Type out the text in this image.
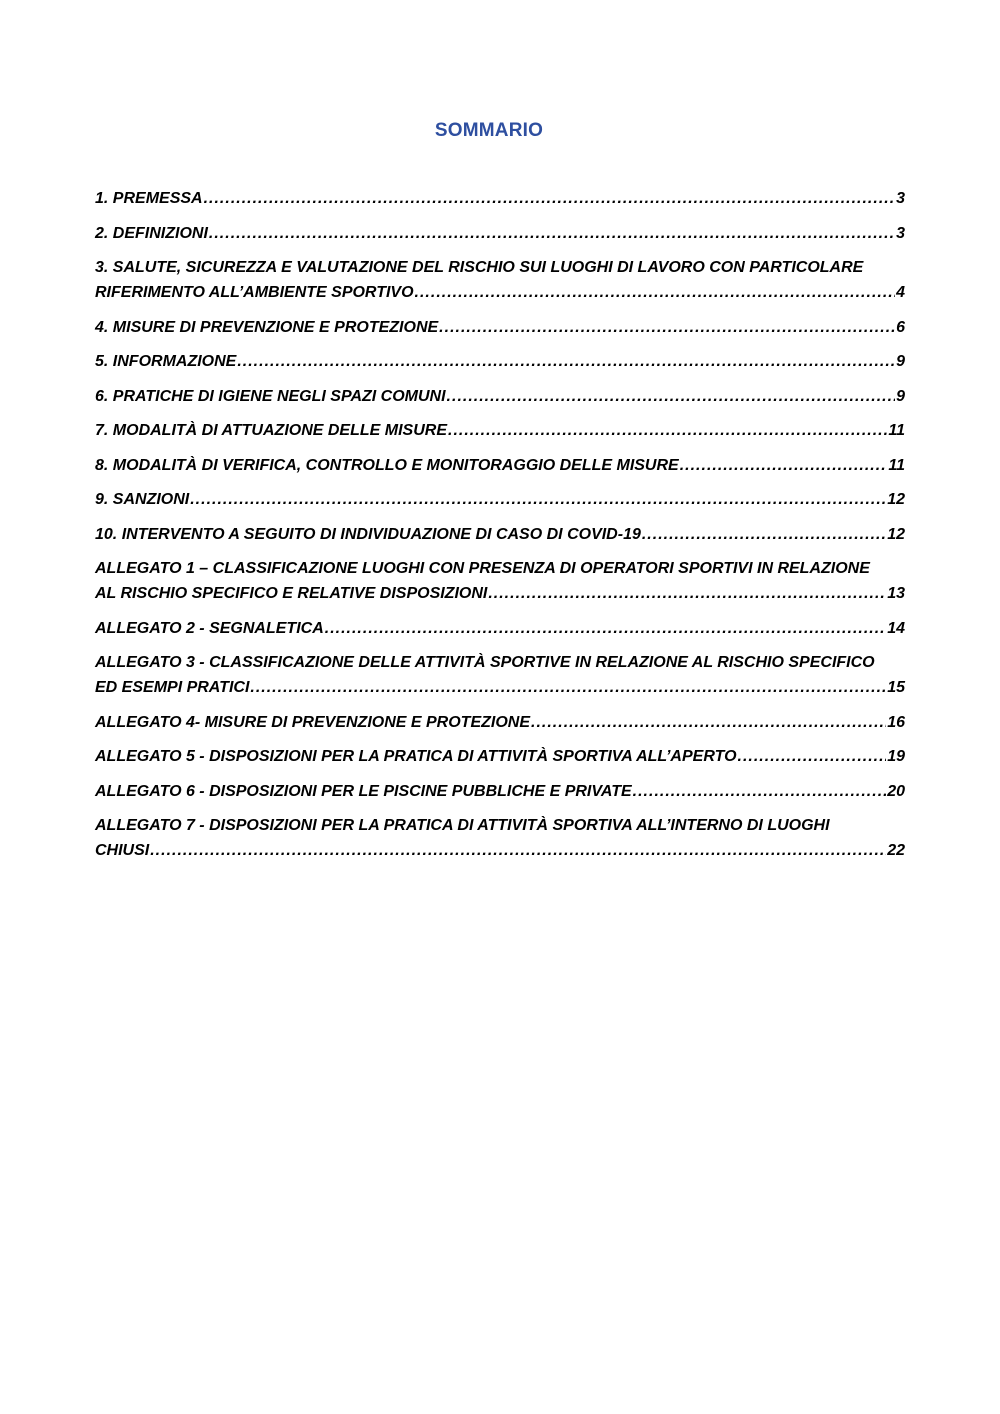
SOMMARIO
1. PREMESSA .....	3
2. DEFINIZIONI .....	3
3. SALUTE, SICUREZZA E VALUTAZIONE DEL RISCHIO SUI LUOGHI DI LAVORO CON PARTICOLARE
RIFERIMENTO ALL’AMBIENTE SPORTIVO .....	4
4. MISURE DI PREVENZIONE E PROTEZIONE .....	6
5. INFORMAZIONE .....	9
6. PRATICHE DI IGIENE NEGLI SPAZI COMUNI .....	9
7. MODALITÀ DI ATTUAZIONE DELLE MISURE .....	11
8. MODALITÀ DI VERIFICA, CONTROLLO E MONITORAGGIO DELLE MISURE .....	11
9. SANZIONI .....	12
10. INTERVENTO A SEGUITO DI INDIVIDUAZIONE DI CASO DI COVID-19 .....	12
ALLEGATO 1 – CLASSIFICAZIONE LUOGHI CON PRESENZA DI OPERATORI SPORTIVI IN RELAZIONE
AL RISCHIO SPECIFICO E RELATIVE DISPOSIZIONI .....	13
ALLEGATO 2 - SEGNALETICA .....	14
ALLEGATO 3 - CLASSIFICAZIONE DELLE ATTIVITÀ SPORTIVE IN RELAZIONE AL RISCHIO SPECIFICO
ED ESEMPI PRATICI .....	15
ALLEGATO 4- MISURE DI PREVENZIONE E PROTEZIONE .....	16
ALLEGATO 5 - DISPOSIZIONI PER LA PRATICA DI ATTIVITÀ SPORTIVA ALL’APERTO .....	19
ALLEGATO 6 - DISPOSIZIONI PER LE PISCINE PUBBLICHE E PRIVATE .....	20
ALLEGATO 7 - DISPOSIZIONI PER LA PRATICA DI ATTIVITÀ SPORTIVA ALL’INTERNO DI LUOGHI
CHIUSI .....	22
